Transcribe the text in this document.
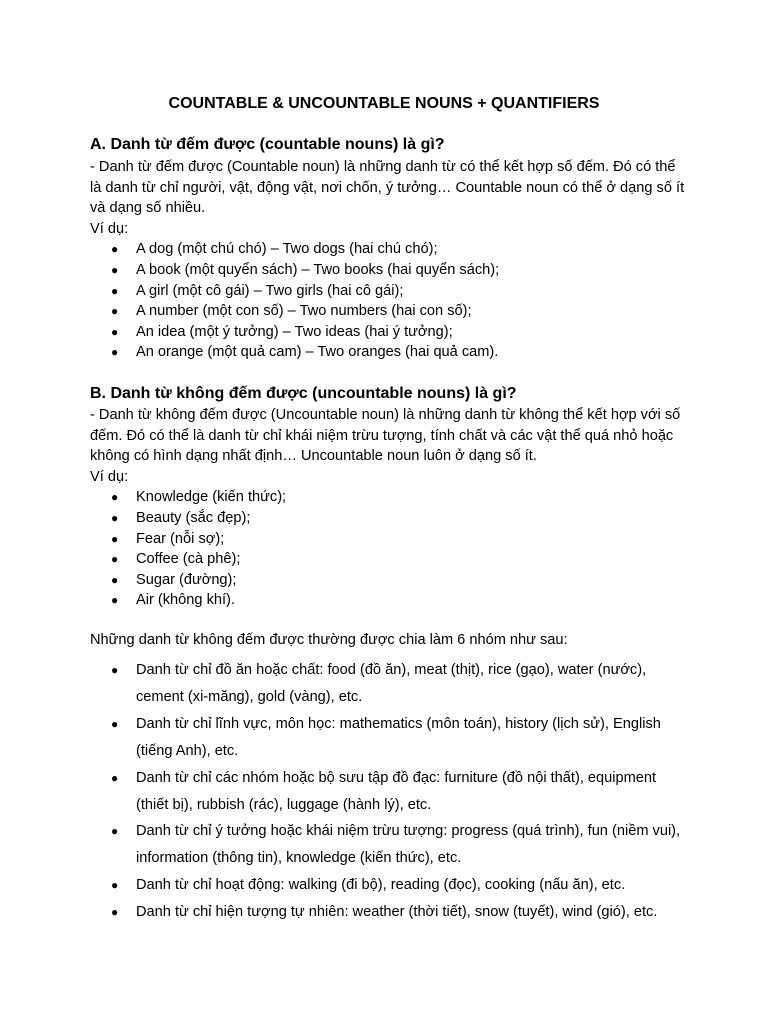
COUNTABLE & UNCOUNTABLE NOUNS + QUANTIFIERS
A. Danh từ đếm được (countable nouns) là gì?

- Danh từ đếm được (Countable noun) là những danh từ có thể kết hợp số đếm. Đó có thể là danh từ chỉ người, vật, động vật, nơi chốn, ý tưởng… Countable noun có thể ở dạng số ít và dạng số nhiều.

Ví dụ:

● A dog (một chú chó) – Two dogs (hai chú chó);
● A book (một quyển sách) – Two books (hai quyển sách);
● A girl (một cô gái) – Two girls (hai cô gái);
● A number (một con số) – Two numbers (hai con số);
● An idea (một ý tưởng) – Two ideas (hai ý tưởng);
● An orange (một quả cam) – Two oranges (hai quả cam).
B. Danh từ không đếm được (uncountable nouns) là gì?

- Danh từ không đếm được (Uncountable noun) là những danh từ không thể kết hợp với số đếm. Đó có thể là danh từ chỉ khái niệm trừu tượng, tính chất và các vật thể quá nhỏ hoặc không có hình dạng nhất định… Uncountable noun luôn ở dạng số ít.

Ví dụ:

● Knowledge (kiến thức);
● Beauty (sắc đẹp);
● Fear (nỗi sợ);
● Coffee (cà phê);
● Sugar (đường);
● Air (không khí).
Những danh từ không đếm được thường được chia làm 6 nhóm như sau:
● Danh từ chỉ đồ ăn hoặc chất: food (đồ ăn), meat (thịt), rice (gạo), water (nước), cement (xi-măng), gold (vàng), etc.
● Danh từ chỉ lĩnh vực, môn học: mathematics (môn toán), history (lịch sử), English (tiếng Anh), etc.
● Danh từ chỉ các nhóm hoặc bộ sưu tập đồ đạc: furniture (đồ nội thất), equipment (thiết bị), rubbish (rác), luggage (hành lý), etc.
● Danh từ chỉ ý tưởng hoặc khái niệm trừu tượng: progress (quá trình), fun (niềm vui), information (thông tin), knowledge (kiến thức), etc.
● Danh từ chỉ hoạt động: walking (đi bộ), reading (đọc), cooking (nấu ăn), etc.
● Danh từ chỉ hiện tượng tự nhiên: weather (thời tiết), snow (tuyết), wind (gió), etc.
